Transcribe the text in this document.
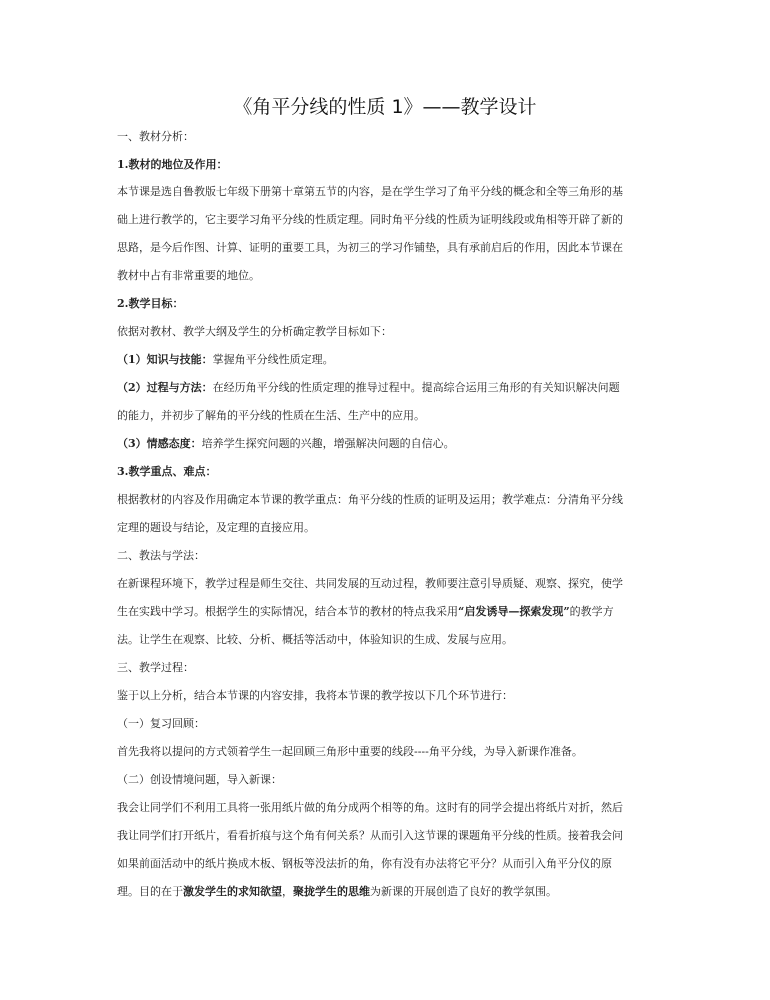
《角平分线的性质 1》——教学设计
一、教材分析：
1.教材的地位及作用：
本节课是选自鲁教版七年级下册第十章第五节的内容，是在学生学习了角平分线的概念和全等三角形的基
础上进行教学的，它主要学习角平分线的性质定理。同时角平分线的性质为证明线段或角相等开辟了新的
思路，是今后作图、计算、证明的重要工具，为初三的学习作铺垫，具有承前启后的作用，因此本节课在
教材中占有非常重要的地位。
2.教学目标：
依据对教材、教学大纲及学生的分析确定教学目标如下：
（1）知识与技能：掌握角平分线性质定理。
（2）过程与方法：在经历角平分线的性质定理的推导过程中。提高综合运用三角形的有关知识解决问题
的能力，并初步了解角的平分线的性质在生活、生产中的应用。
（3）情感态度：培养学生探究问题的兴趣，增强解决问题的自信心。
3.教学重点、难点：
根据教材的内容及作用确定本节课的教学重点：角平分线的性质的证明及运用；教学难点：分清角平分线
定理的题设与结论，及定理的直接应用。
二、教法与学法：
在新课程环境下，教学过程是师生交往、共同发展的互动过程，教师要注意引导质疑、观察、探究，使学
生在实践中学习。根据学生的实际情况，结合本节的教材的特点我采用“启发诱导—探索发现”的教学方
法。让学生在观察、比较、分析、概括等活动中，体验知识的生成、发展与应用。
三、教学过程：
鉴于以上分析，结合本节课的内容安排，我将本节课的教学按以下几个环节进行：
（一）复习回顾：
首先我将以提问的方式领着学生一起回顾三角形中重要的线段----角平分线，为导入新课作准备。
（二）创设情境问题，导入新课：
我会让同学们不利用工具将一张用纸片做的角分成两个相等的角。这时有的同学会提出将纸片对折，然后
我让同学们打开纸片，看看折痕与这个角有何关系？从而引入这节课的课题角平分线的性质。接着我会问
如果前面活动中的纸片换成木板、钢板等没法折的角，你有没有办法将它平分？从而引入角平分仪的原
理。目的在于激发学生的求知欲望，聚拢学生的思维为新课的开展创造了良好的教学氛围。
